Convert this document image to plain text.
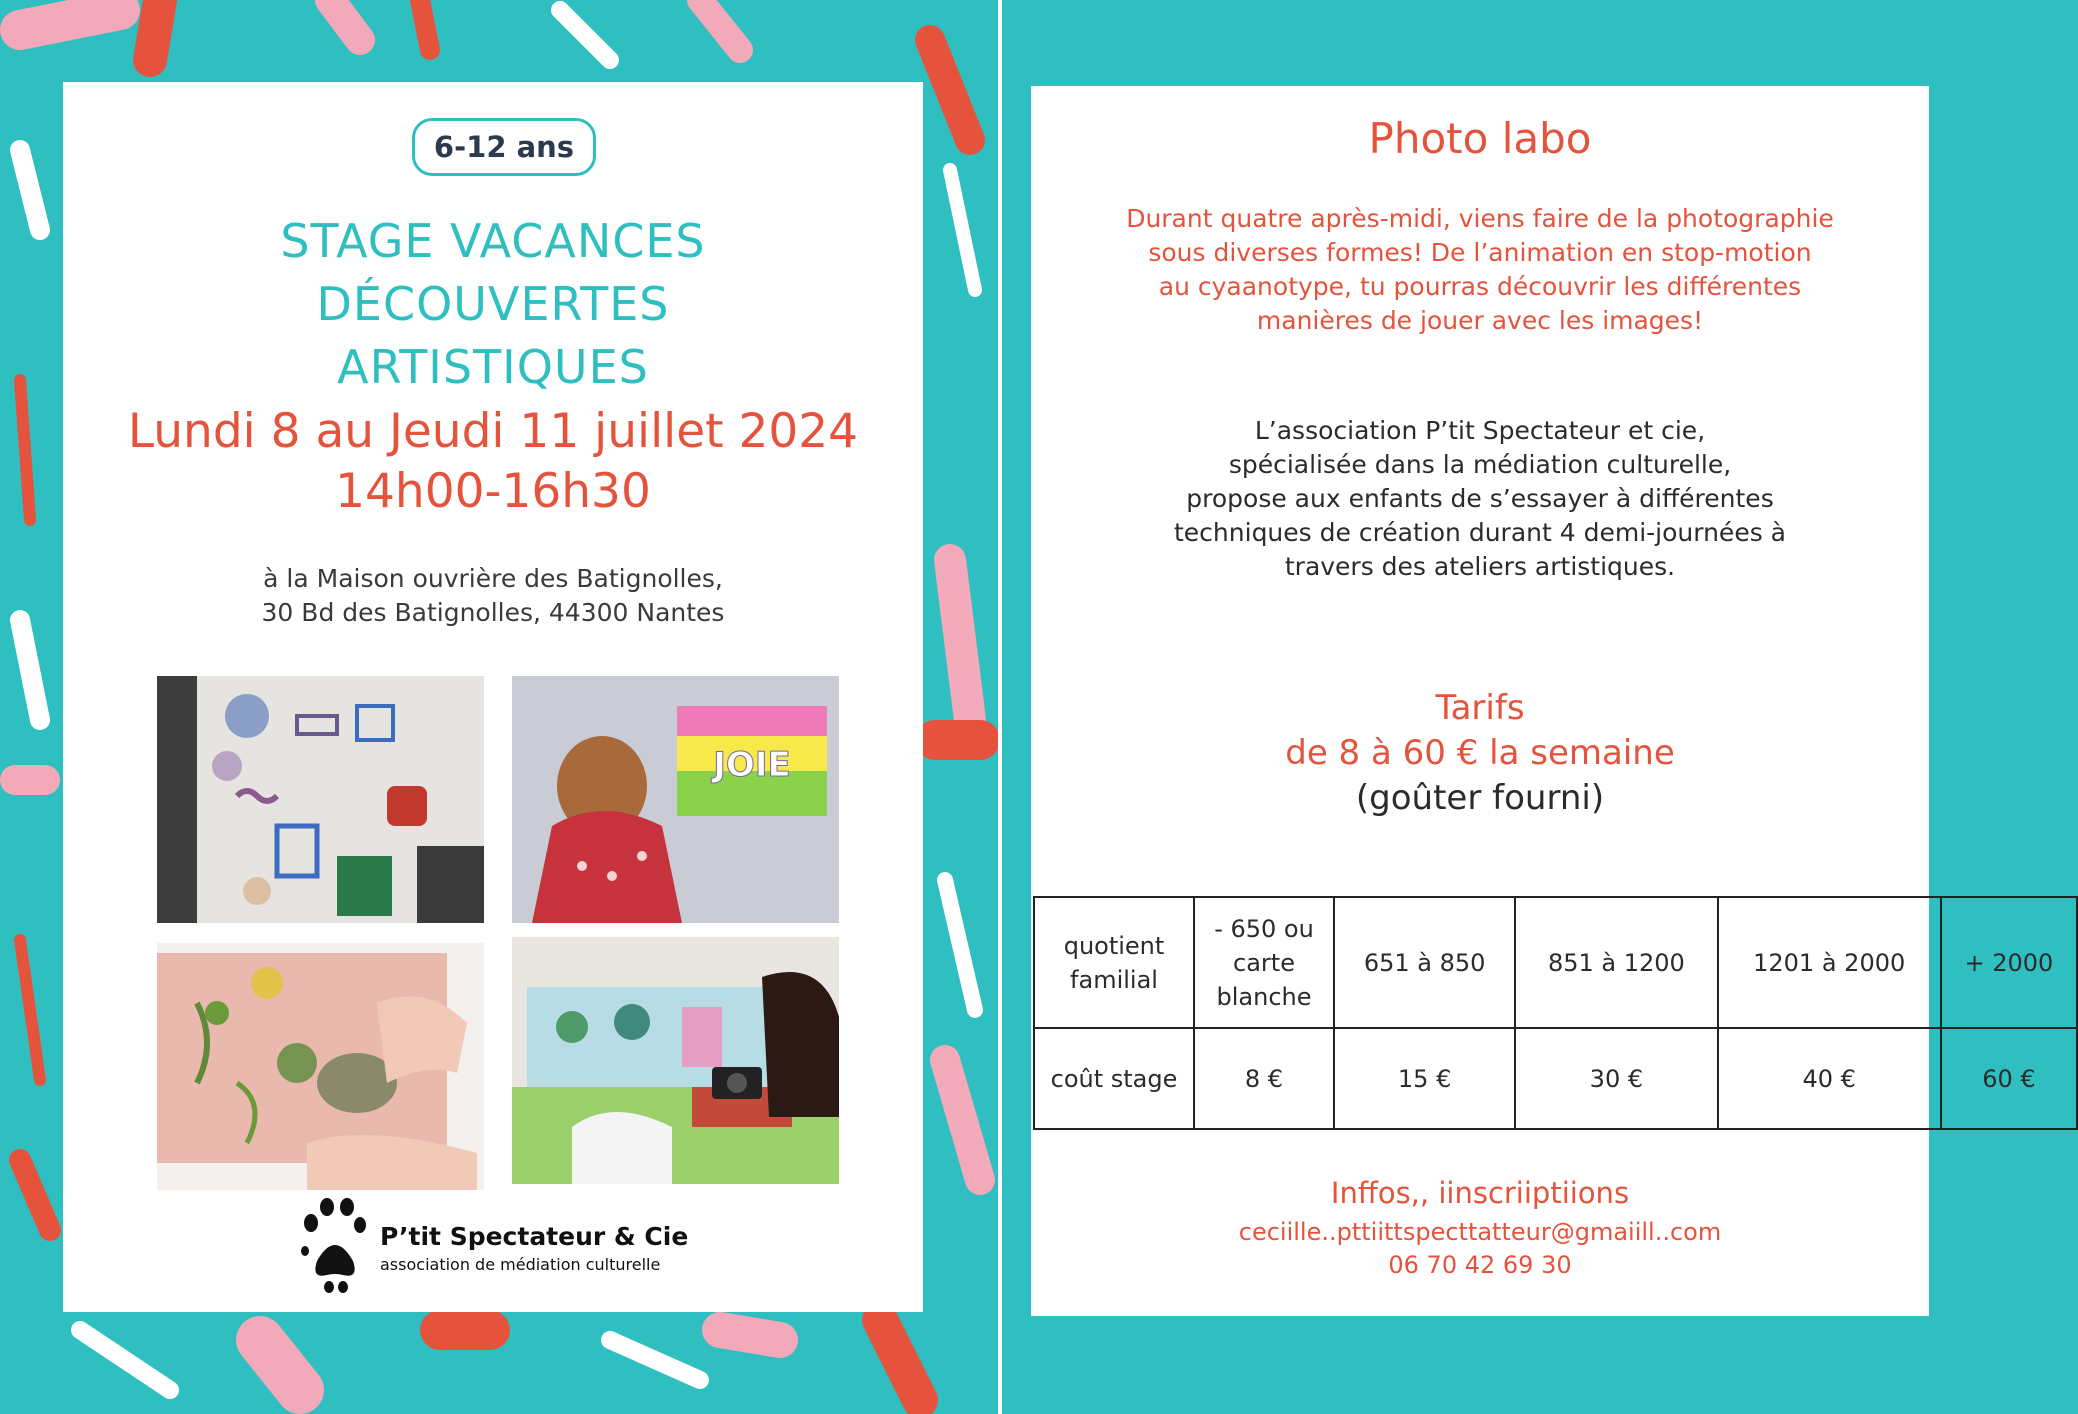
6-12 ans
STAGE VACANCES
DÉCOUVERTES
ARTISTIQUES
Lundi 8 au Jeudi 11 juillet 2024
14h00-16h30
à la Maison ouvrière des Batignolles,
30 Bd des Batignolles, 44300 Nantes
JOIE
P’tit Spectateur & Cie
association de médiation culturelle
Photo labo
Durant quatre après-midi, viens faire de la photographie
sous diverses formes! De l’animation en stop-motion
au cyaanotype, tu pourras découvrir les différentes
manières de jouer avec les images!
L’association P’tit Spectateur et cie,
spécialisée dans la médiation culturelle,
propose aux enfants de s’essayer à différentes
techniques de création durant 4 demi-journées à
travers des ateliers artistiques.
Tarifs
de 8 à 60 € la semaine
(goûter fourni)
quotient familial	- 650 ou carte blanche	651 à 850	851 à 1200	1201 à 2000	+ 2000
coût stage	8 €	15 €	30 €	40 €	60 €
Inffos,, iinscriiptiions
ceciille..pttiittspecttatteur@gmaiill..com
06 70 42 69 30
